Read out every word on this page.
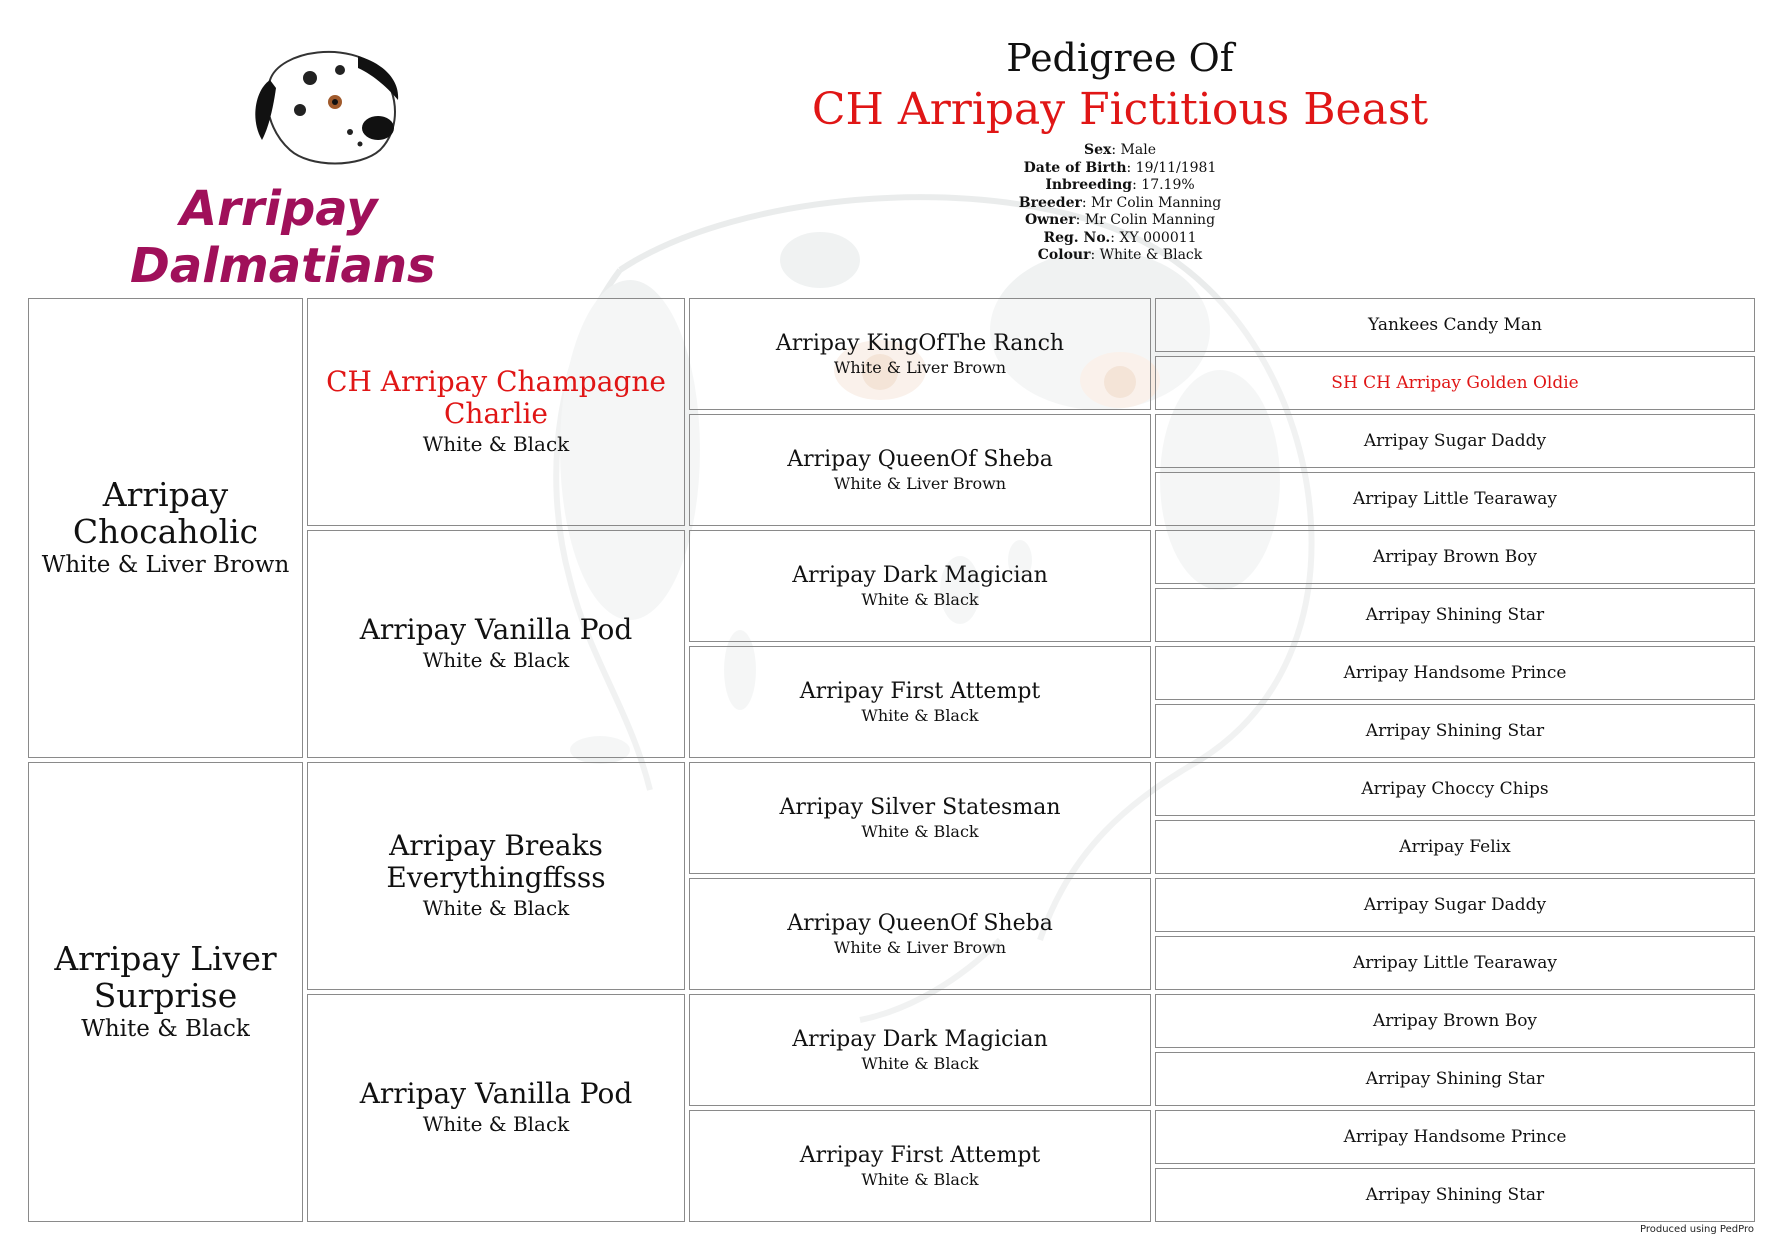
Arripay
Dalmatians
Pedigree Of
CH Arripay Fictitious Beast
Sex: Male
Date of Birth: 19/11/1981
Inbreeding: 17.19%
Breeder: Mr Colin Manning
Owner: Mr Colin Manning
Reg. No.: XY 000011
Colour: White & Black
Arripay Chocaholic
White & Liver Brown
Arripay Liver Surprise
White & Black
CH Arripay Champagne Charlie
White & Black
Arripay Vanilla Pod
White & Black
Arripay Breaks Everythingffsss
White & Black
Arripay Vanilla Pod
White & Black
Arripay KingOfThe Ranch
White & Liver Brown
Arripay QueenOf Sheba
White & Liver Brown
Arripay Dark Magician
White & Black
Arripay First Attempt
White & Black
Arripay Silver Statesman
White & Black
Arripay QueenOf Sheba
White & Liver Brown
Arripay Dark Magician
White & Black
Arripay First Attempt
White & Black
Yankees Candy Man
SH CH Arripay Golden Oldie
Arripay Sugar Daddy
Arripay Little Tearaway
Arripay Brown Boy
Arripay Shining Star
Arripay Handsome Prince
Arripay Shining Star
Arripay Choccy Chips
Arripay Felix
Arripay Sugar Daddy
Arripay Little Tearaway
Arripay Brown Boy
Arripay Shining Star
Arripay Handsome Prince
Arripay Shining Star
Produced using PedPro
